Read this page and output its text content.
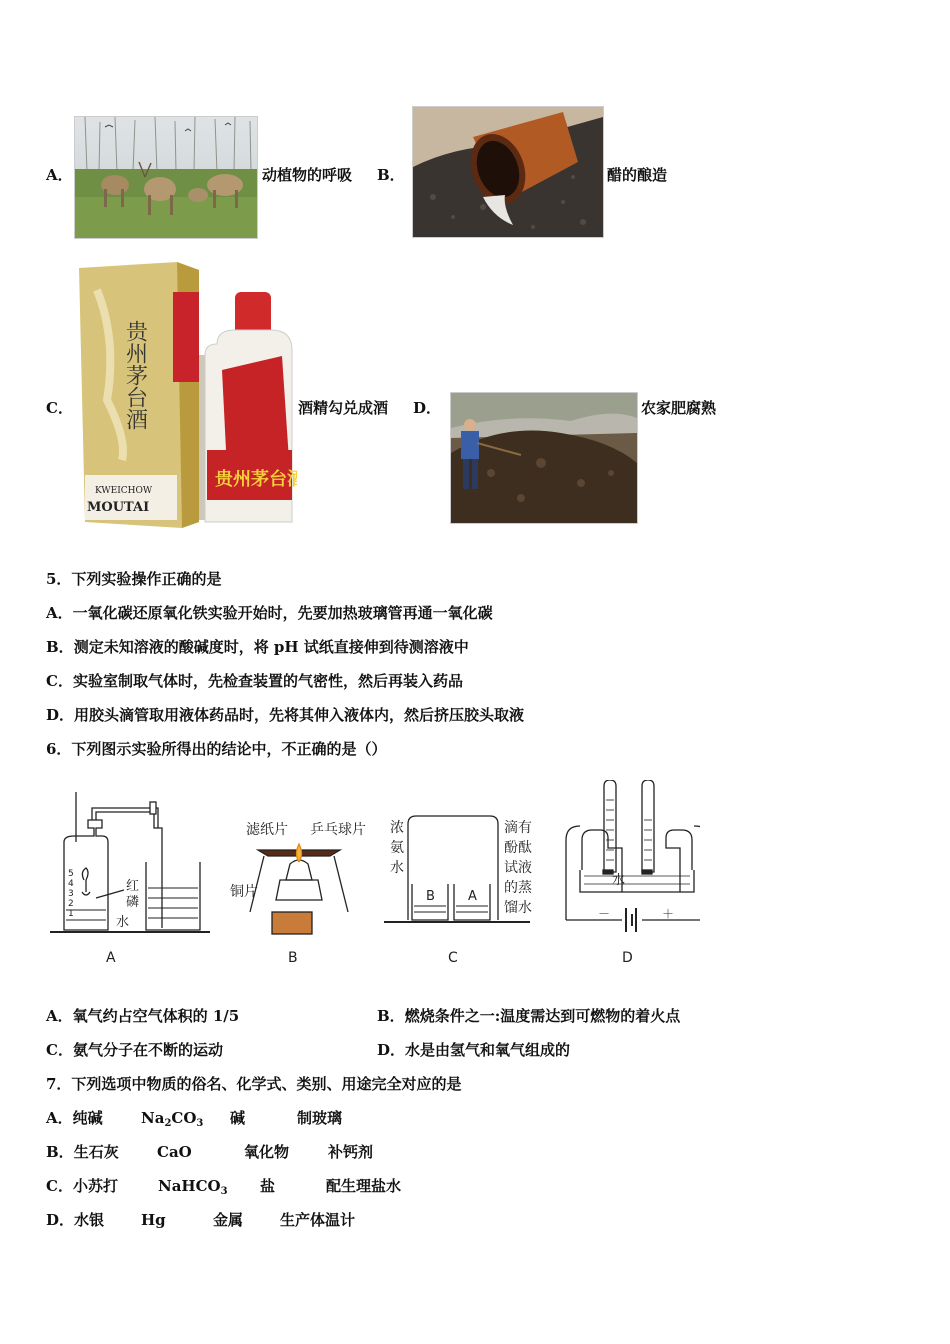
A．	动植物的呼吸 B．	醋的酿造
C． 贵州茅台酒
KWEICHOW
MOUTAI
贵州茅台酒
酒精勾兑成酒 D．	农家肥腐熟
5．下列实验操作正确的是
A．一氧化碳还原氧化铁实验开始时，先要加热玻璃管再通一氧化碳
B．测定未知溶液的酸碱度时，将 pH 试纸直接伸到待测溶液中
C．实验室制取气体时，先检查装置的气密性，然后再装入药品
D．用胶头滴管取用液体药品时，先将其伸入液体内，然后挤压胶头取液
6．下列图示实验所得出的结论中，不正确的是（）
5
4
3
2
1
红
磷
水
A
滤纸片 乒乓球片
铜片
B
B	A
浓
氨
水
滴有
酚酞
试液
的蒸
馏水
C
水
－	＋
D
A．氧气约占空气体积的 1/5	B．燃烧条件之一:温度需达到可燃物的着火点
C．氨气分子在不断的运动	D．水是由氢气和氧气组成的
7．下列选项中物质的俗名、化学式、类别、用途完全对应的是
A．纯碱	$Na_2CO_3$ 碱	制玻璃
B．生石灰	CaO	氧化物	补钙剂
C．小苏打	NaHCO$_3$ 盐	配生理盐水
D．水银 Hg	金属 生产体温计
